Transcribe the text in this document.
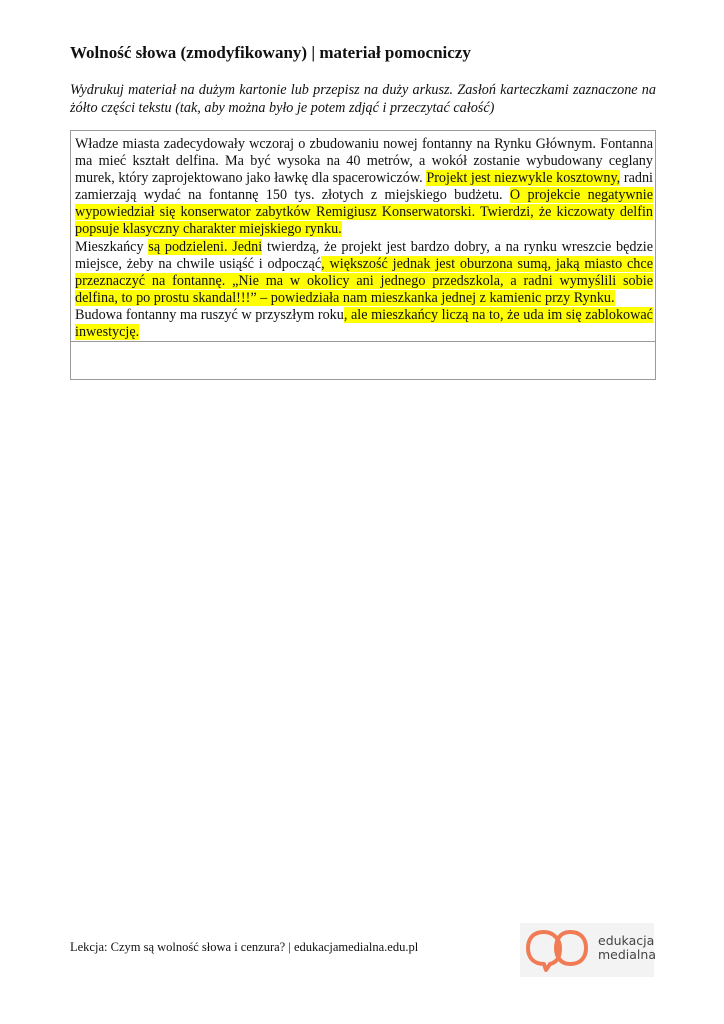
Wolność słowa (zmodyfikowany) | materiał pomocniczy
Wydrukuj materiał na dużym kartonie lub przepisz na duży arkusz. Zasłoń karteczkami zaznaczone na żółto części tekstu (tak, aby można było je potem zdjąć i przeczytać całość)

Władze miasta zadecydowały wczoraj o zbudowaniu nowej fontanny na Rynku Głównym. Fontanna ma mieć kształt delfina. Ma być wysoka na 40 metrów, a wokół zostanie wybudowany ceglany murek, który zaprojektowano jako ławkę dla spacerowiczów. Projekt jest niezwykle kosztowny, radni zamierzają wydać na fontannę 150 tys. złotych z miejskiego budżetu. O projekcie negatywnie wypowiedział się konserwator zabytków Remigiusz Konserwatorski. Twierdzi, że kiczowaty delfin popsuje klasyczny charakter miejskiego rynku.

Mieszkańcy są podzieleni. Jedni twierdzą, że projekt jest bardzo dobry, a na rynku wreszcie będzie miejsce, żeby na chwile usiąść i odpocząć, większość jednak jest oburzona sumą, jaką miasto chce przeznaczyć na fontannę. „Nie ma w okolicy ani jednego przedszkola, a radni wymyślili sobie delfina, to po prostu skandal!!!” – powiedziała nam mieszkanka jednej z kamienic przy Rynku.

Budowa fontanny ma ruszyć w przyszłym roku, ale mieszkańcy liczą na to, że uda im się zablokować inwestycję.

Lekcja: Czym są wolność słowa i cenzura? | edukacjamedialna.edu.pl	edukacja
medialna
